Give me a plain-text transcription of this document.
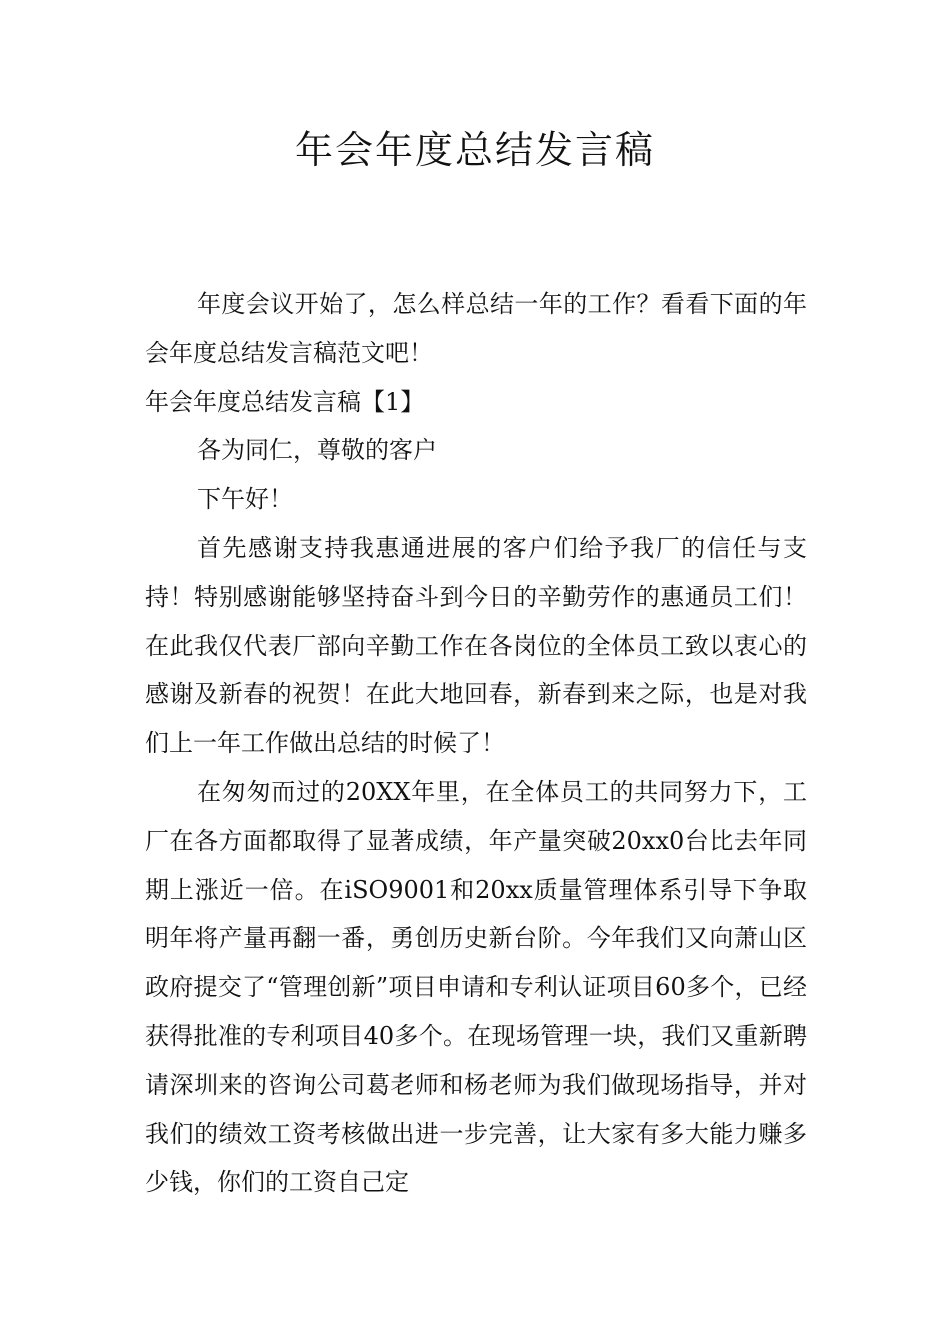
年会年度总结发言稿

年度会议开始了，怎么样总结一年的工作？看看下面的年会年度总结发言稿范文吧！

年会年度总结发言稿【1】

各为同仁，尊敬的客户

下午好！

首先感谢支持我惠通进展的客户们给予我厂的信任与支持！特别感谢能够坚持奋斗到今日的辛勤劳作的惠通员工们！在此我仅代表厂部向辛勤工作在各岗位的全体员工致以衷心的感谢及新春的祝贺！在此大地回春，新春到来之际，也是对我们上一年工作做出总结的时候了！

在匆匆而过的20XX年里，在全体员工的共同努力下，工厂在各方面都取得了显著成绩，年产量突破20xx0台比去年同期上涨近一倍。在iSO9001和20xx质量管理体系引导下争取明年将产量再翻一番，勇创历史新台阶。今年我们又向萧山区政府提交了“管理创新”项目申请和专利认证项目60多个，已经获得批准的专利项目40多个。在现场管理一块，我们又重新聘请深圳来的咨询公司葛老师和杨老师为我们做现场指导，并对我们的绩效工资考核做出进一步完善，让大家有多大能力赚多少钱，你们的工资自己定
